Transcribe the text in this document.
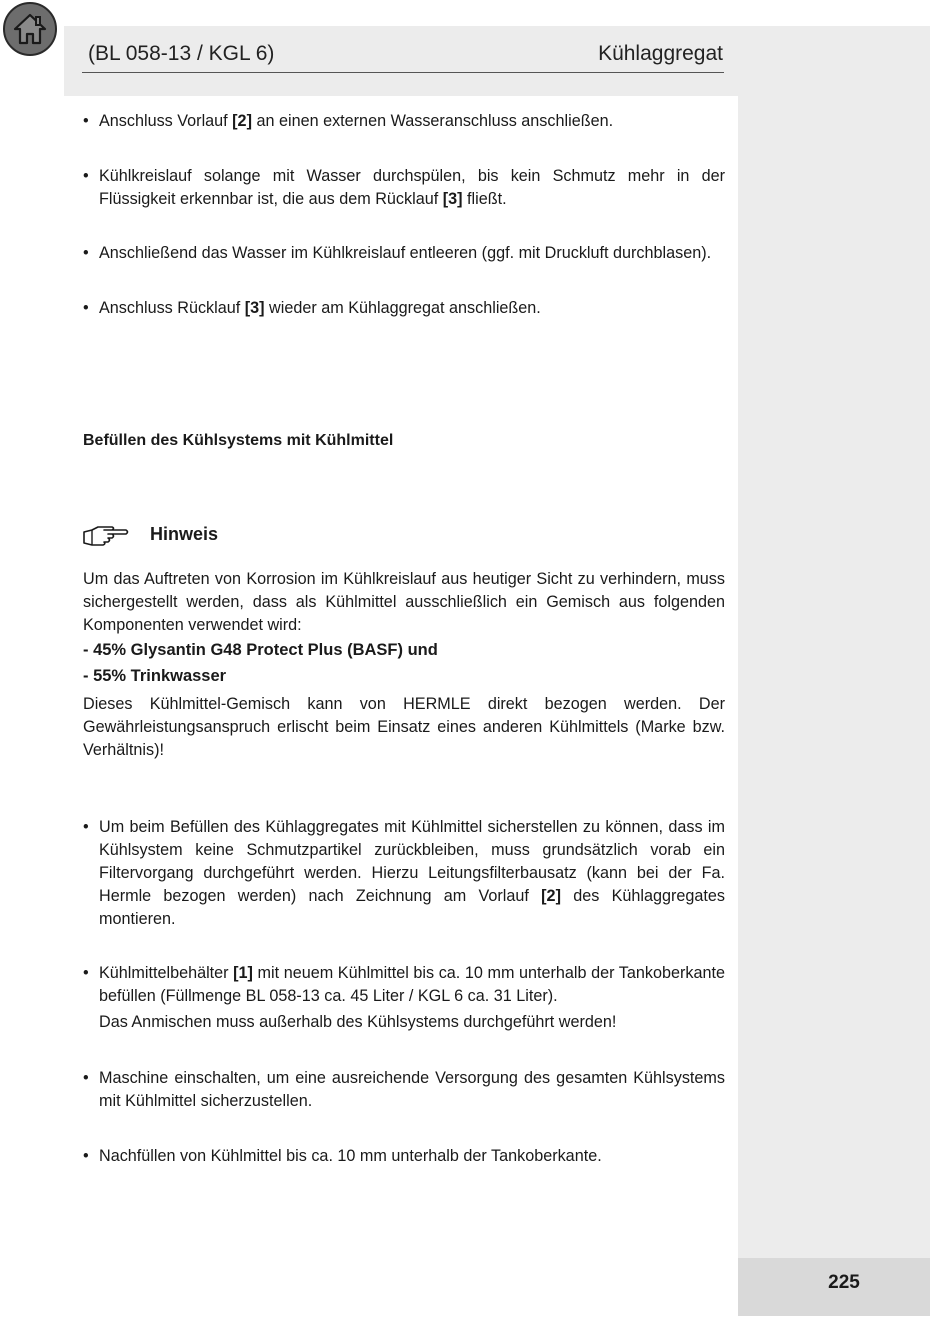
225
(BL 058-13 / KGL 6)	Kühlaggregat
• Anschluss Vorlauf [2] an einen externen Wasseranschluss anschließen.
• Kühlkreislauf solange mit Wasser durchspülen, bis kein Schmutz mehr in der Flüssigkeit erkennbar ist, die aus dem Rücklauf [3] fließt.
• Anschließend das Wasser im Kühlkreislauf entleeren (ggf. mit Druckluft durchblasen).
• Anschluss Rücklauf [3] wieder am Kühlaggregat anschließen.
Befüllen des Kühlsystems mit Kühlmittel
Hinweis
Um das Auftreten von Korrosion im Kühlkreislauf aus heutiger Sicht zu verhindern, muss sichergestellt werden, dass als Kühlmittel ausschließlich ein Gemisch aus folgenden Komponenten verwendet wird:
- 45% Glysantin G48 Protect Plus (BASF) und
- 55% Trinkwasser
Dieses Kühlmittel-Gemisch kann von HERMLE direkt bezogen werden. Der Gewährleistungsanspruch erlischt beim Einsatz eines anderen Kühlmittels (Marke bzw. Verhältnis)!
• Um beim Befüllen des Kühlaggregates mit Kühlmittel sicherstellen zu können, dass im Kühlsystem keine Schmutzpartikel zurückbleiben, muss grundsätzlich vorab ein Filtervorgang durchgeführt werden. Hierzu Leitungsfilterbausatz (kann bei der Fa. Hermle bezogen werden) nach Zeichnung am Vorlauf [2] des Kühlaggregates montieren.
• Kühlmittelbehälter [1] mit neuem Kühlmittel bis ca. 10 mm unterhalb der Tankoberkante befüllen (Füllmenge BL 058-13 ca. 45 Liter / KGL 6 ca. 31 Liter).
Das Anmischen muss außerhalb des Kühlsystems durchgeführt werden!
• Maschine einschalten, um eine ausreichende Versorgung des gesamten Kühlsystems mit Kühlmittel sicherzustellen.
• Nachfüllen von Kühlmittel bis ca. 10 mm unterhalb der Tankoberkante.
